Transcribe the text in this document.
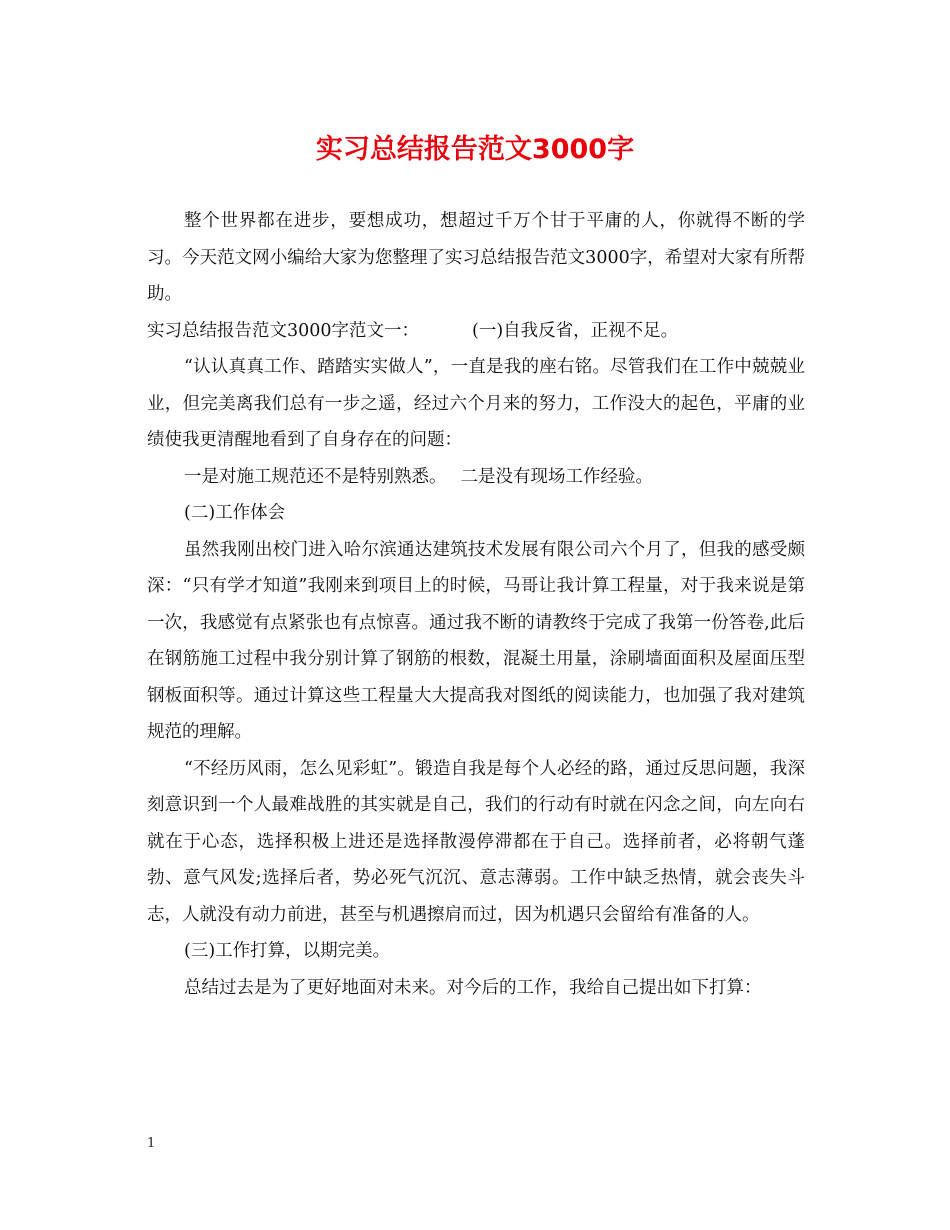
实习总结报告范文3000字

整个世界都在进步，要想成功，想超过千万个甘于平庸的人，你就得不断的学习。今天范文网小编给大家为您整理了实习总结报告范文3000字，希望对大家有所帮助。

实习总结报告范文3000字范文一：	(一)自我反省，正视不足。

“认认真真工作、踏踏实实做人”，一直是我的座右铭。尽管我们在工作中兢兢业业，但完美离我们总有一步之遥，经过六个月来的努力，工作没大的起色，平庸的业绩使我更清醒地看到了自身存在的问题：

一是对施工规范还不是特别熟悉。 二是没有现场工作经验。

(二)工作体会

虽然我刚出校门进入哈尔滨通达建筑技术发展有限公司六个月了，但我的感受颇深：“只有学才知道”我刚来到项目上的时候，马哥让我计算工程量，对于我来说是第一次，我感觉有点紧张也有点惊喜。通过我不断的请教终于完成了我第一份答卷,此后在钢筋施工过程中我分别计算了钢筋的根数，混凝土用量，涂刷墙面面积及屋面压型钢板面积等。通过计算这些工程量大大提高我对图纸的阅读能力，也加强了我对建筑规范的理解。

“不经历风雨，怎么见彩虹”。锻造自我是每个人必经的路，通过反思问题，我深刻意识到一个人最难战胜的其实就是自己，我们的行动有时就在闪念之间，向左向右就在于心态，选择积极上进还是选择散漫停滞都在于自己。选择前者，必将朝气蓬勃、意气风发;选择后者，势必死气沉沉、意志薄弱。工作中缺乏热情，就会丧失斗志，人就没有动力前进，甚至与机遇擦肩而过，因为机遇只会留给有准备的人。

(三)工作打算，以期完美。

总结过去是为了更好地面对未来。对今后的工作，我给自己提出如下打算：

1
